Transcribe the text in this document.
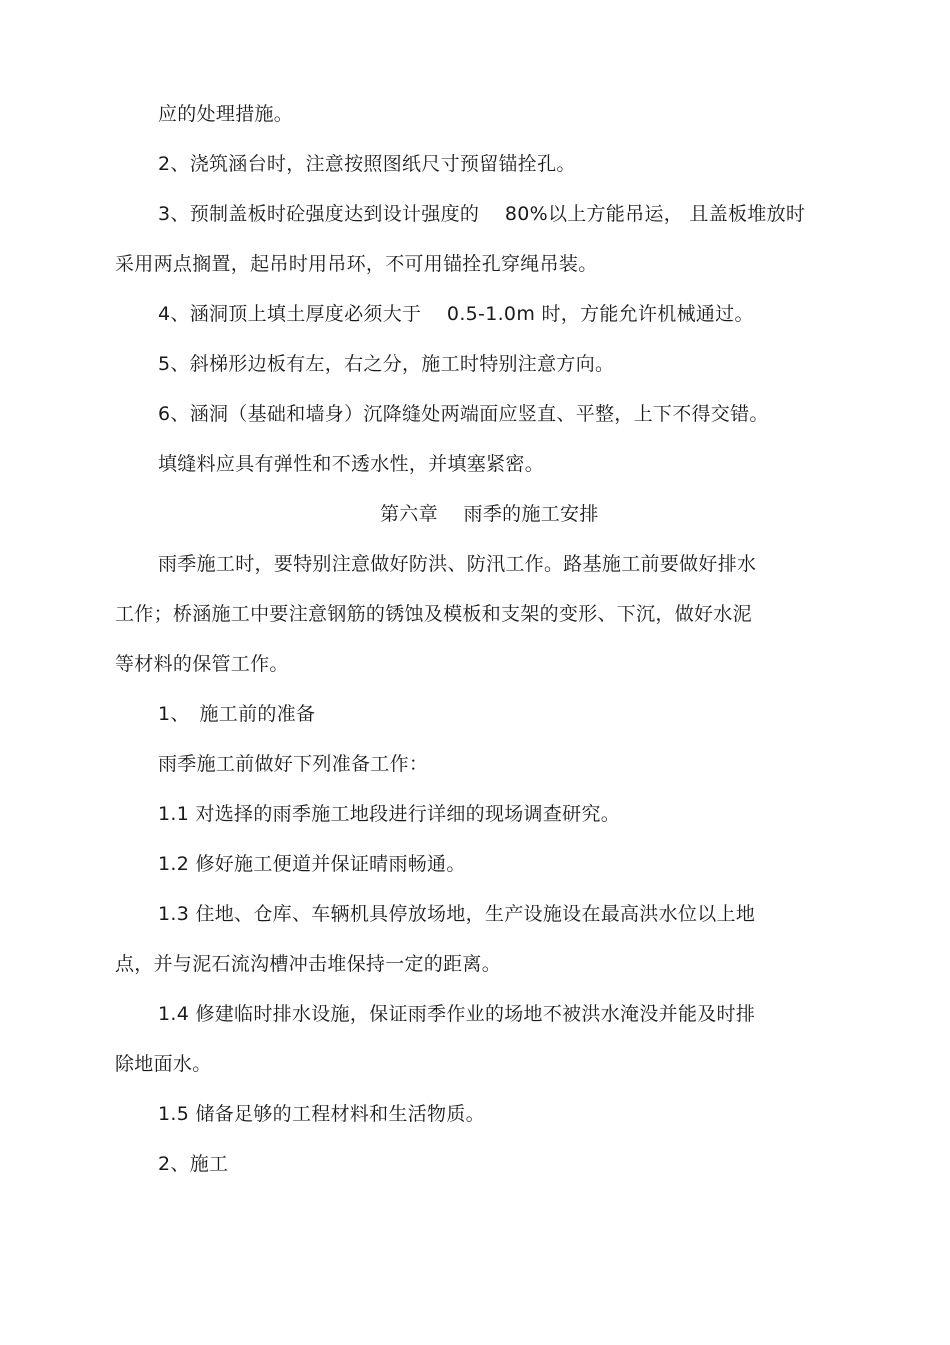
应的处理措施。

2、浇筑涵台时，注意按照图纸尺寸预留锚拴孔。

3、预制盖板时砼强度达到设计强度的　 80%以上方能吊运， 且盖板堆放时

采用两点搁置，起吊时用吊环，不可用锚拴孔穿绳吊装。

4、涵洞顶上填土厚度必须大于　 0.5-1.0m 时，方能允许机械通过。

5、斜梯形边板有左，右之分，施工时特别注意方向。

6、涵洞（基础和墙身）沉降缝处两端面应竖直、平整，上下不得交错。

填缝料应具有弹性和不透水性，并填塞紧密。

第六章　 雨季的施工安排

雨季施工时，要特别注意做好防洪、防汛工作。路基施工前要做好排水

工作；桥涵施工中要注意钢筋的锈蚀及模板和支架的变形、下沉，做好水泥

等材料的保管工作。

1、　施工前的准备

雨季施工前做好下列准备工作：

1.1 对选择的雨季施工地段进行详细的现场调查研究。

1.2 修好施工便道并保证晴雨畅通。

1.3 住地、仓库、车辆机具停放场地，生产设施设在最高洪水位以上地

点，并与泥石流沟槽冲击堆保持一定的距离。

1.4 修建临时排水设施，保证雨季作业的场地不被洪水淹没并能及时排

除地面水。

1.5 储备足够的工程材料和生活物质。

2、施工
